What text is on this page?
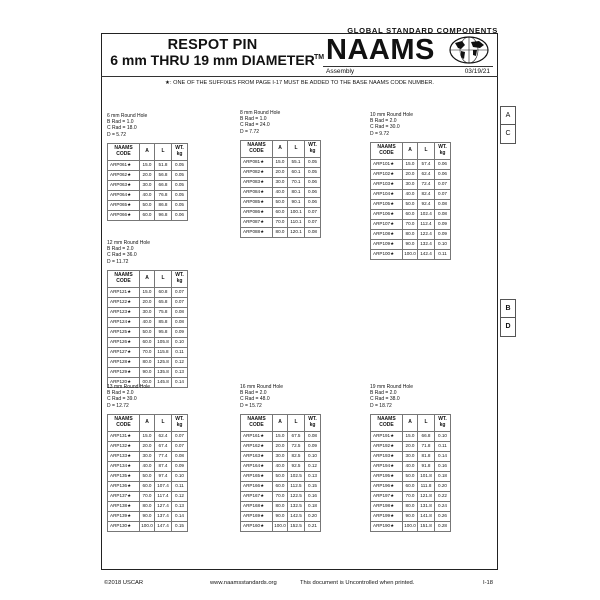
RESPOT PIN
6 mm THRU 19 mm DIAMETER
GLOBAL STANDARD COMPONENTS
TM NAAMS
Assembly	03/19/21
★: ONE OF THE SUFFIXES FROM PAGE I-17 MUST BE ADDED TO THE BASE NAAMS CODE NUMBER.
A
C
B
D
6 mm Round Hole
B Rad = 1.0
C Rad = 18.0
D = 5.72
NAAMS CODE	A	L	WT. kg
ARP061★	15.0	51.8	0.05
ARP062★	20.0	56.8	0.05
ARP063★	30.0	66.8	0.05
ARP064★	40.0	76.8	0.05
ARP065★	50.0	86.8	0.05
ARP066★	60.0	96.8	0.06
8 mm Round Hole
B Rad = 1.0
C Rad = 24.0
D = 7.72
NAAMS CODE	A	L	WT. kg
ARP081★	15.0	55.1	0.05
ARP082★	20.0	60.1	0.05
ARP083★	30.0	70.1	0.06
ARP084★	40.0	80.1	0.06
ARP085★	50.0	90.1	0.06
ARP086★	60.0	100.1	0.07
ARP087★	70.0	110.1	0.07
ARP088★	80.0	120.1	0.08
10 mm Round Hole
B Rad = 2.0
C Rad = 30.0
D = 9.72
NAAMS CODE	A	L	WT. kg
ARP101★	15.0	57.4	0.06
ARP102★	20.0	62.4	0.06
ARP103★	30.0	72.4	0.07
ARP104★	40.0	82.4	0.07
ARP105★	50.0	92.4	0.08
ARP106★	60.0	102.4	0.08
ARP107★	70.0	112.4	0.09
ARP108★	80.0	122.4	0.09
ARP109★	90.0	132.4	0.10
ARP100★	100.0	142.4	0.11
12 mm Round Hole
B Rad = 2.0
C Rad = 36.0
D = 11.72
NAAMS CODE	A	L	WT. kg
ARP121★	15.0	60.8	0.07
ARP122★	20.0	65.8	0.07
ARP123★	30.0	75.8	0.08
ARP124★	40.0	85.8	0.08
ARP125★	50.0	95.8	0.09
ARP126★	60.0	105.8	0.10
ARP127★	70.0	115.8	0.11
ARP128★	80.0	125.8	0.12
ARP129★	90.0	135.8	0.13
ARP120★	00.0	145.8	0.14
13 mm Round Hole
B Rad = 2.0
C Rad = 39.0
D = 12.72
NAAMS CODE	A	L	WT. kg
ARP131★	15.0	62.4	0.07
ARP132★	20.0	67.4	0.07
ARP133★	30.0	77.4	0.08
ARP134★	40.0	87.4	0.09
ARP135★	50.0	97.4	0.10
ARP136★	60.0	107.4	0.11
ARP137★	70.0	117.4	0.12
ARP138★	80.0	127.4	0.13
ARP139★	90.0	137.4	0.14
ARP130★	100.0	147.4	0.15
16 mm Round Hole
B Rad = 2.0
C Rad = 48.0
D = 15.72
NAAMS CODE	A	L	WT. kg
ARP161★	15.0	67.5	0.08
ARP162★	20.0	72.5	0.09
ARP163★	30.0	82.5	0.10
ARP164★	40.0	92.5	0.12
ARP165★	50.0	102.5	0.13
ARP166★	60.0	112.5	0.15
ARP167★	70.0	122.5	0.16
ARP168★	80.0	132.5	0.18
ARP169★	90.0	142.5	0.20
ARP160★	100.0	152.5	0.21
19 mm Round Hole
B Rad = 2.0
C Rad = 38.0
D = 18.72
NAAMS CODE	A	L	WT. kg
ARP191★	15.0	66.8	0.10
ARP192★	20.0	71.8	0.11
ARP193★	30.0	81.8	0.14
ARP194★	40.0	91.8	0.16
ARP195★	50.0	101.8	0.18
ARP196★	60.0	111.8	0.20
ARP197★	70.0	121.8	0.22
ARP198★	80.0	131.8	0.24
ARP199★	90.0	141.8	0.26
ARP190★	100.0	151.8	0.28
©2018 USCAR	www.naamsstandards.org	This document is Uncontrolled when printed.	I-18
